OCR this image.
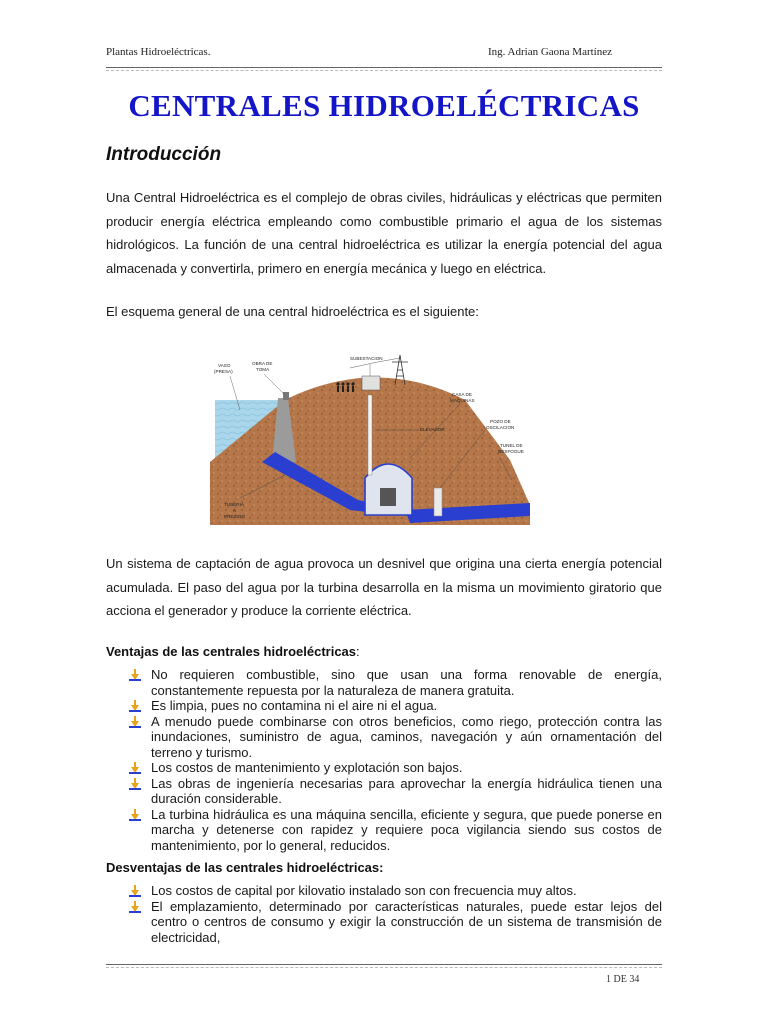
Plantas Hidroeléctricas.	Ing. Adrian Gaona Martínez
CENTRALES HIDROELÉCTRICAS
Introducción
Una Central Hidroeléctrica es el complejo de obras civiles, hidráulicas y eléctricas que permiten producir energía eléctrica empleando como combustible primario el agua de los sistemas hidrológicos. La función de una central hidroeléctrica es utilizar la energía potencial del agua almacenada y convertirla, primero en energía mecánica y luego en eléctrica.
El esquema general de una central hidroeléctrica es el siguiente:
VASO
(PRESA)
OBRA DE
TOMA
SUBESTACION
CASA DE
MAQUINAS
ELEVADOR
POZO DE
OSCILACION
TUNEL DE
DESFOGUE
TUBERIA
A
PRESION
Un sistema de captación de agua provoca un desnivel que origina una cierta energía potencial acumulada. El paso del agua por la turbina desarrolla en la misma un movimiento giratorio que acciona el generador y produce la corriente eléctrica.
Ventajas de las centrales hidroeléctricas:
No requieren combustible, sino que usan una forma renovable de energía, constantemente repuesta por la naturaleza de manera gratuita.
Es limpia, pues no contamina ni el aire ni el agua.
A menudo puede combinarse con otros beneficios, como riego, protección contra las inundaciones, suministro de agua, caminos, navegación y aún ornamentación del terreno y turismo.
Los costos de mantenimiento y explotación son bajos.
Las obras de ingeniería necesarias para aprovechar la energía hidráulica tienen una duración considerable.
La turbina hidráulica es una máquina sencilla, eficiente y segura, que puede ponerse en marcha y detenerse con rapidez y requiere poca vigilancia siendo sus costos de mantenimiento, por lo general, reducidos.
Desventajas de las centrales hidroeléctricas:
Los costos de capital por kilovatio instalado son con frecuencia muy altos.
El emplazamiento, determinado por características naturales, puede estar lejos del centro o centros de consumo y exigir la construcción de un sistema de transmisión de electricidad,
1 DE 34
